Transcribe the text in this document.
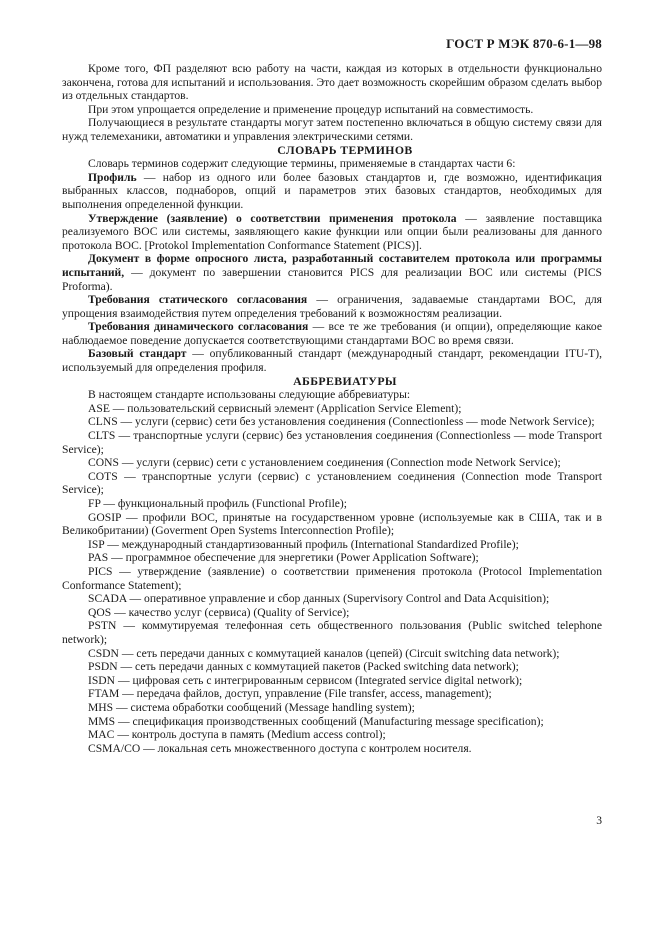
ГОСТ Р МЭК 870-6-1—98

Кроме того, ФП разделяют всю работу на части, каждая из которых в отдельности функционально закончена, готова для испытаний и использования. Это дает возможность скорейшим образом сделать выбор из отдельных стандартов.

При этом упрощается определение и применение процедур испытаний на совместимость.

Получающиеся в результате стандарты могут затем постепенно включаться в общую систему связи для нужд телемеханики, автоматики и управления электрическими сетями.

СЛОВАРЬ ТЕРМИНОВ

Словарь терминов содержит следующие термины, применяемые в стандартах части 6:

Профиль — набор из одного или более базовых стандартов и, где возможно, идентификация выбранных классов, поднаборов, опций и параметров этих базовых стандартов, необходимых для выполнения определенной функции.

Утверждение (заявление) о соответствии применения протокола — заявление поставщика реализуемого ВОС или системы, заявляющего какие функции или опции были реализованы для данного протокола ВОС. [Protokol Implementation Conformance Statement (PICS)].

Документ в форме опросного листа, разработанный составителем протокола или программы испытаний, — документ по завершении становится PICS для реализации ВОС или системы (PICS Proforma).

Требования статического согласования — ограничения, задаваемые стандартами ВОС, для упрощения взаимодействия путем определения требований к возможностям реализации.

Требования динамического согласования — все те же требования (и опции), определяющие какое наблюдаемое поведение допускается соответствующими стандартами ВОС во время связи.

Базовый стандарт — опубликованный стандарт (международный стандарт, рекомендации ITU-T), используемый для определения профиля.

АББРЕВИАТУРЫ

В настоящем стандарте использованы следующие аббревиатуры:

ASE — пользовательский сервисный элемент (Application Service Element);

CLNS — услуги (сервис) сети без установления соединения (Connectionless — mode Network Service);

CLTS — транспортные услуги (сервис) без установления соединения (Connectionless — mode Transport Service);

CONS — услуги (сервис) сети с установлением соединения (Connection mode Network Service);

COTS — транспортные услуги (сервис) с установлением соединения (Connection mode Transport Service);

FP — функциональный профиль (Functional Profile);

GOSIP — профили ВОС, принятые на государственном уровне (используемые как в США, так и в Великобритании) (Goverment Open Systems Interconnection Profile);

ISP — международный стандартизованный профиль (International Standardized Profile);

PAS — программное обеспечение для энергетики (Power Application Software);

PICS — утверждение (заявление) о соответствии применения протокола (Protocol Implementation Conformance Statement);

SCADA — оперативное управление и сбор данных (Supervisory Control and Data Acquisition);

QOS — качество услуг (сервиса) (Quality of Service);

PSTN — коммутируемая телефонная сеть общественного пользования (Public switched telephone network);

CSDN — сеть передачи данных с коммутацией каналов (цепей) (Circuit switching data network);

PSDN — сеть передачи данных с коммутацией пакетов (Packed switching data network);

ISDN — цифровая сеть с интегрированным сервисом (Integrated service digital network);

FTAM — передача файлов, доступ, управление (File transfer, access, management);

MHS — система обработки сообщений (Message handling system);

MMS — спецификация производственных сообщений (Manufacturing message specification);

MAC — контроль доступа в память (Medium access control);

CSMA/CO — локальная сеть множественного доступа с контролем носителя.

3
